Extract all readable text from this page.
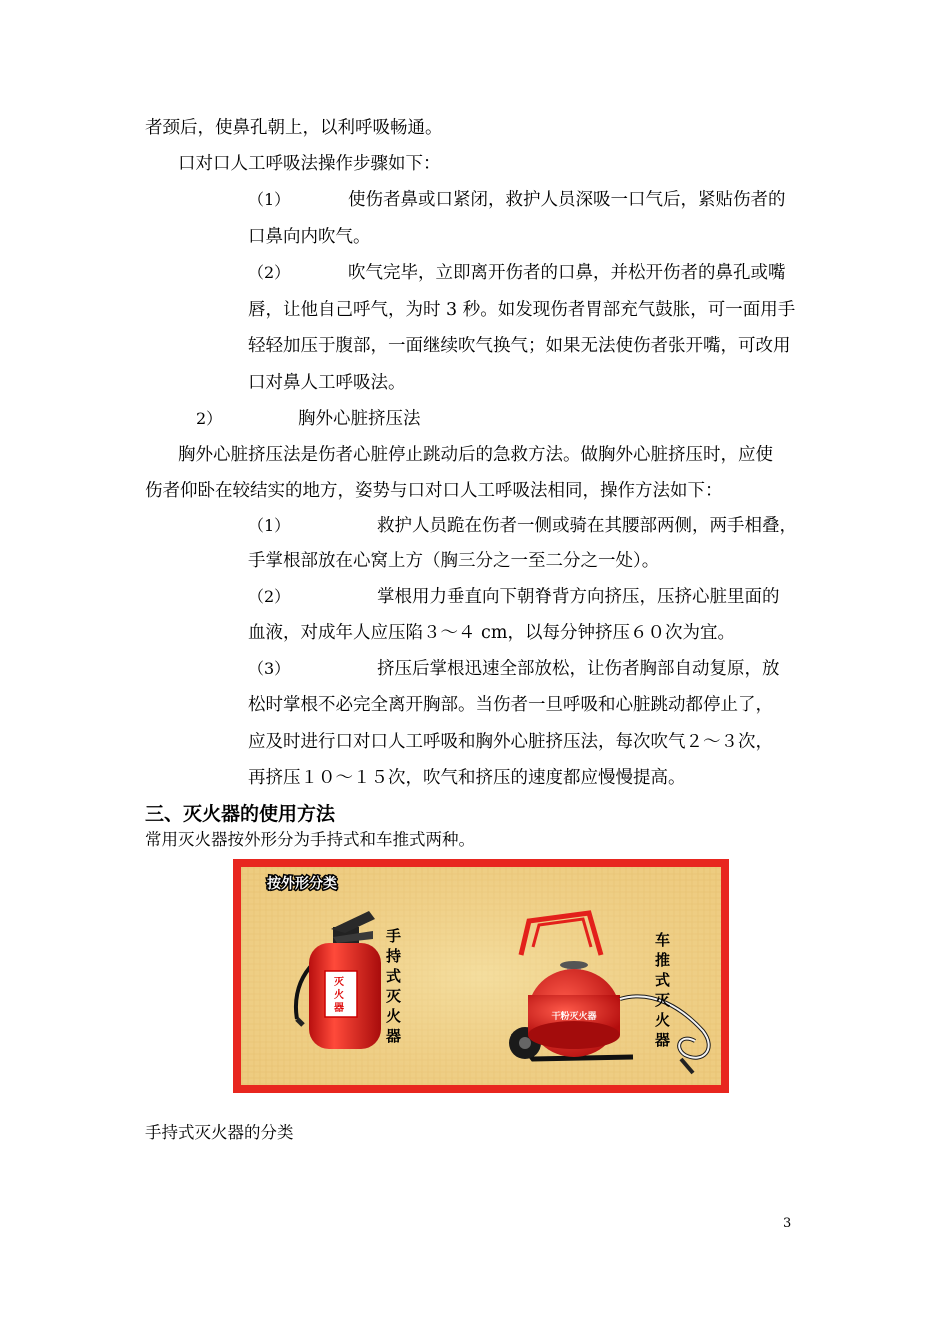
者颈后，使鼻孔朝上，以利呼吸畅通。
口对口人工呼吸法操作步骤如下：
（1）	使伤者鼻或口紧闭，救护人员深吸一口气后，紧贴伤者的
口鼻向内吹气。
（2）	吹气完毕，立即离开伤者的口鼻，并松开伤者的鼻孔或嘴
唇，让他自己呼气，为时 3 秒。如发现伤者胃部充气鼓胀，可一面用手
轻轻加压于腹部，一面继续吹气换气；如果无法使伤者张开嘴，可改用
口对鼻人工呼吸法。
2）	胸外心脏挤压法
胸外心脏挤压法是伤者心脏停止跳动后的急救方法。做胸外心脏挤压时，应使
伤者仰卧在较结实的地方，姿势与口对口人工呼吸法相同，操作方法如下：
（1）	救护人员跪在伤者一侧或骑在其腰部两侧，两手相叠，
手掌根部放在心窝上方（胸三分之一至二分之一处）。
（2）	掌根用力垂直向下朝脊背方向挤压，压挤心脏里面的
血液，对成年人应压陷３～４ cm，以每分钟挤压６０次为宜。
（3）	挤压后掌根迅速全部放松，让伤者胸部自动复原，放
松时掌根不必完全离开胸部。当伤者一旦呼吸和心脏跳动都停止了，
应及时进行口对口人工呼吸和胸外心脏挤压法，每次吹气２～３次，
再挤压１０～１５次，吹气和挤压的速度都应慢慢提高。
三、灭火器的使用方法
常用灭火器按外形分为手持式和车推式两种。
按外形分类
灭 火 器
手 持 式 灭 火 器
干粉灭火器
车 推 式 灭 火 器
手持式灭火器的分类
3
